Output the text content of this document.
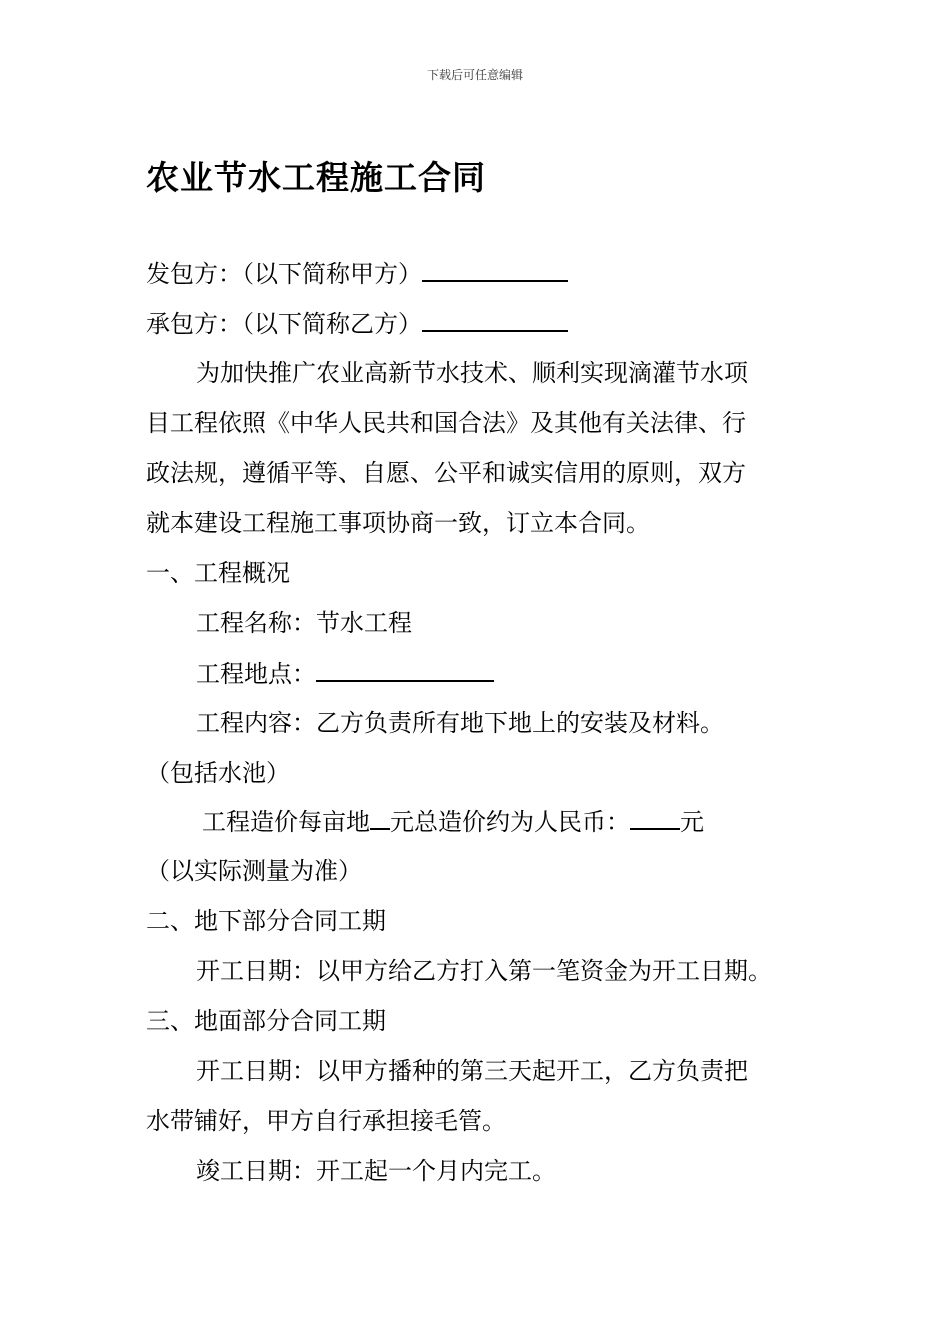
下载后可任意编辑
农业节水工程施工合同
发包方：（以下简称甲方）
承包方：（以下简称乙方）
为加快推广农业高新节水技术、顺利实现滴灌节水项
目工程依照《中华人民共和国合法》及其他有关法律、行
政法规，遵循平等、自愿、公平和诚实信用的原则，双方
就本建设工程施工事项协商一致，订立本合同。
一、工程概况
工程名称：节水工程
工程地点：
工程内容：乙方负责所有地下地上的安装及材料。
（包括水池）
工程造价每亩地 元总造价约为人民币： 元
（以实际测量为准）
二、地下部分合同工期
开工日期：以甲方给乙方打入第一笔资金为开工日期。
三、地面部分合同工期
开工日期：以甲方播种的第三天起开工，乙方负责把
水带铺好，甲方自行承担接毛管。
竣工日期：开工起一个月内完工。
